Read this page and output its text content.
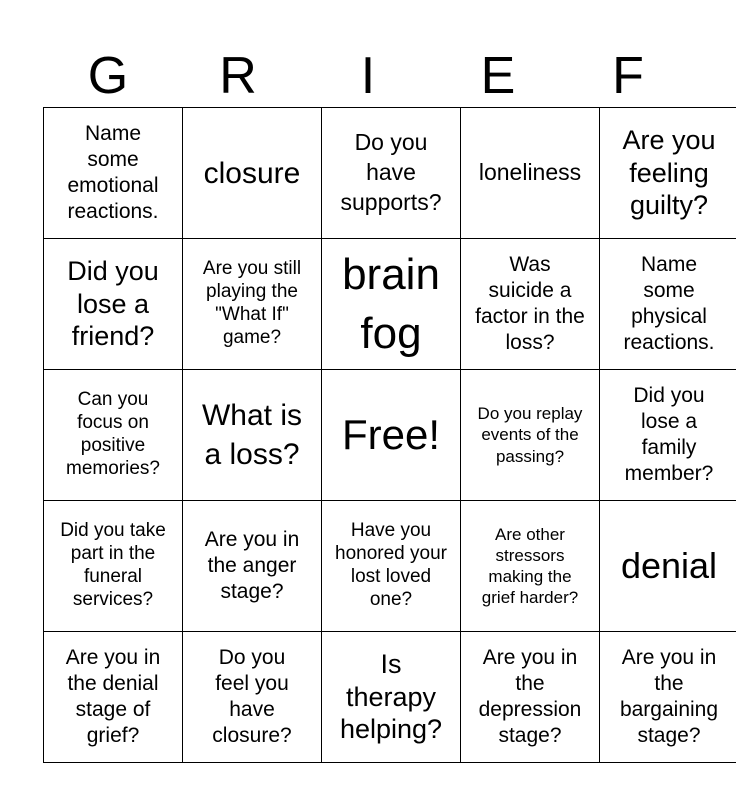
G	R	I	E	F
Name some emotional reactions.	closure	Do you have supports?	loneliness	Are you feeling guilty?

Did you lose a friend?	Are you still playing the "What If" game?	brain fog	Was suicide a factor in the loss?	Name some physical reactions.

Can you focus on positive memories?	What is a loss?	Free!	Do you replay events of the passing?	Did you lose a family member?

Did you take part in the funeral services?	Are you in the anger stage?	Have you honored your lost loved one?	Are other stressors making the grief harder?	denial

Are you in the denial stage of grief?	Do you feel you have closure?	Is therapy helping?	Are you in the depression stage?	Are you in the bargaining stage?
